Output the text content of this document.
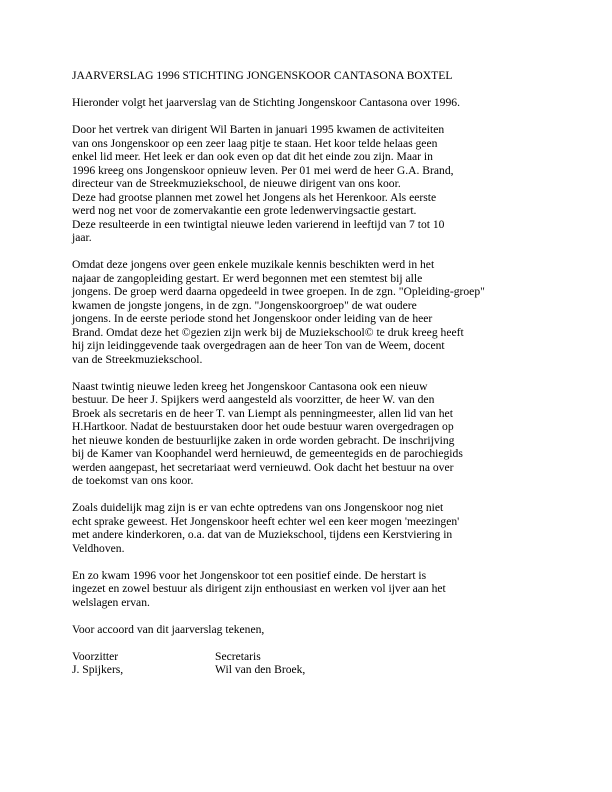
JAARVERSLAG 1996 STICHTING JONGENSKOOR CANTASONA BOXTEL
Hieronder volgt het jaarverslag van de Stichting Jongenskoor Cantasona over 1996.
Door het vertrek van dirigent Wil Barten in januari 1995 kwamen de activiteiten
van ons Jongenskoor op een zeer laag pitje te staan. Het koor telde helaas geen
enkel lid meer. Het leek er dan ook even op dat dit het einde zou zijn. Maar in
1996 kreeg ons Jongenskoor opnieuw leven. Per 01 mei werd de heer G.A. Brand,
directeur van de Streekmuziekschool, de nieuwe dirigent van ons koor.
Deze had grootse plannen met zowel het Jongens als het Herenkoor. Als eerste
werd nog net voor de zomervakantie een grote ledenwervingsactie gestart.
Deze resulteerde in een twintigtal nieuwe leden varierend in leeftijd van 7 tot 10
jaar.
Omdat deze jongens over geen enkele muzikale kennis beschikten werd in het
najaar de zangopleiding gestart. Er werd begonnen met een stemtest bij alle
jongens. De groep werd daarna opgedeeld in twee groepen. In de zgn. "Opleiding-groep"
kwamen de jongste jongens, in de zgn. "Jongenskoorgroep" de wat oudere
jongens. In de eerste periode stond het Jongenskoor onder leiding van de heer
Brand. Omdat deze het ©gezien zijn werk bij de Muziekschool© te druk kreeg heeft
hij zijn leidinggevende taak overgedragen aan de heer Ton van de Weem, docent
van de Streekmuziekschool.
Naast twintig nieuwe leden kreeg het Jongenskoor Cantasona ook een nieuw
bestuur. De heer J. Spijkers werd aangesteld als voorzitter, de heer W. van den
Broek als secretaris en de heer T. van Liempt als penningmeester, allen lid van het
H.Hartkoor. Nadat de bestuurstaken door het oude bestuur waren overgedragen op
het nieuwe konden de bestuurlijke zaken in orde worden gebracht. De inschrijving
bij de Kamer van Koophandel werd hernieuwd, de gemeentegids en de parochiegids
werden aangepast, het secretariaat werd vernieuwd. Ook dacht het bestuur na over
de toekomst van ons koor.
Zoals duidelijk mag zijn is er van echte optredens van ons Jongenskoor nog niet
echt sprake geweest. Het Jongenskoor heeft echter wel een keer mogen 'meezingen'
met andere kinderkoren, o.a. dat van de Muziekschool, tijdens een Kerstviering in
Veldhoven.
En zo kwam 1996 voor het Jongenskoor tot een positief einde. De herstart is
ingezet en zowel bestuur als dirigent zijn enthousiast en werken vol ijver aan het
welslagen ervan.
Voor accoord van dit jaarverslag tekenen,
Voorzitter	Secretaris
J. Spijkers,	Wil van den Broek,
